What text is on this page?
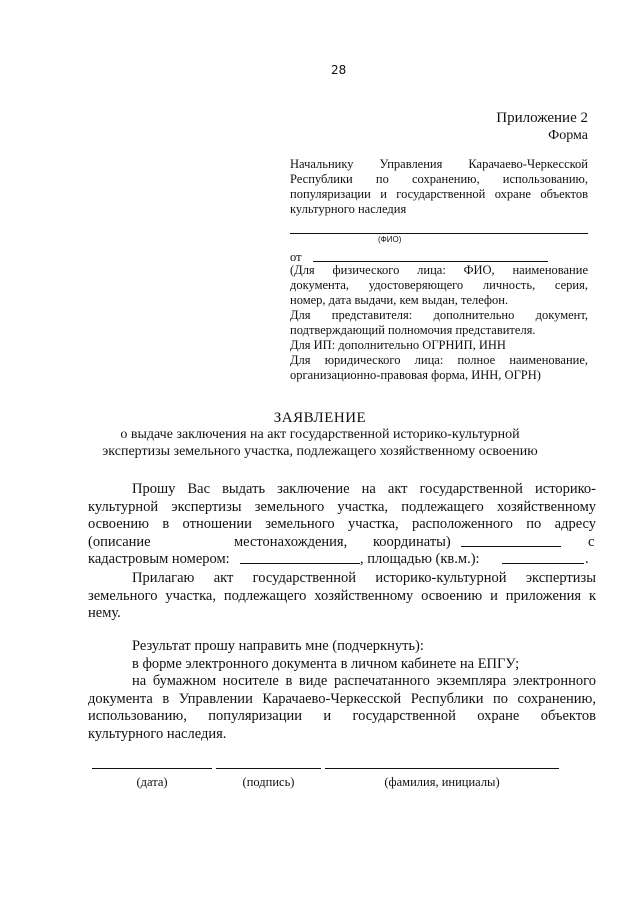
28
Приложение 2
Форма
Начальнику Управления Карачаево-Черкесской
Республики по сохранению, использованию,
популяризации и государственной охране объектов
культурного наследия
(ФИО)
от
(Для физического лица: ФИО, наименование
документа, удостоверяющего личность, серия,
номер, дата выдачи, кем выдан, телефон.
Для представителя: дополнительно документ,
подтверждающий полномочия представителя.
Для ИП: дополнительно ОГРНИП, ИНН
Для юридического лица: полное наименование,
организационно-правовая форма, ИНН, ОГРН)
ЗАЯВЛЕНИЕ
о выдаче заключения на акт государственной историко-культурной
экспертизы земельного участка, подлежащего хозяйственному освоению
Прошу Вас выдать заключение на акт государственной историко-
культурной экспертизы земельного участка, подлежащего хозяйственному
освоению в отношении земельного участка, расположенного по адресу
(описание	местонахождения, координаты)	с
кадастровым номером:	, площадью (кв.м.):	.
Прилагаю акт государственной историко-культурной экспертизы
земельного участка, подлежащего хозяйственному освоению и приложения к
нему.
Результат прошу направить мне (подчеркнуть):
в форме электронного документа в личном кабинете на ЕПГУ;
на бумажном носителе в виде распечатанного экземпляра электронного
документа в Управлении Карачаево-Черкесской Республики по сохранению,
использованию, популяризации и государственной охране объектов
культурного наследия.
(дата)	(подпись)	(фамилия, инициалы)
